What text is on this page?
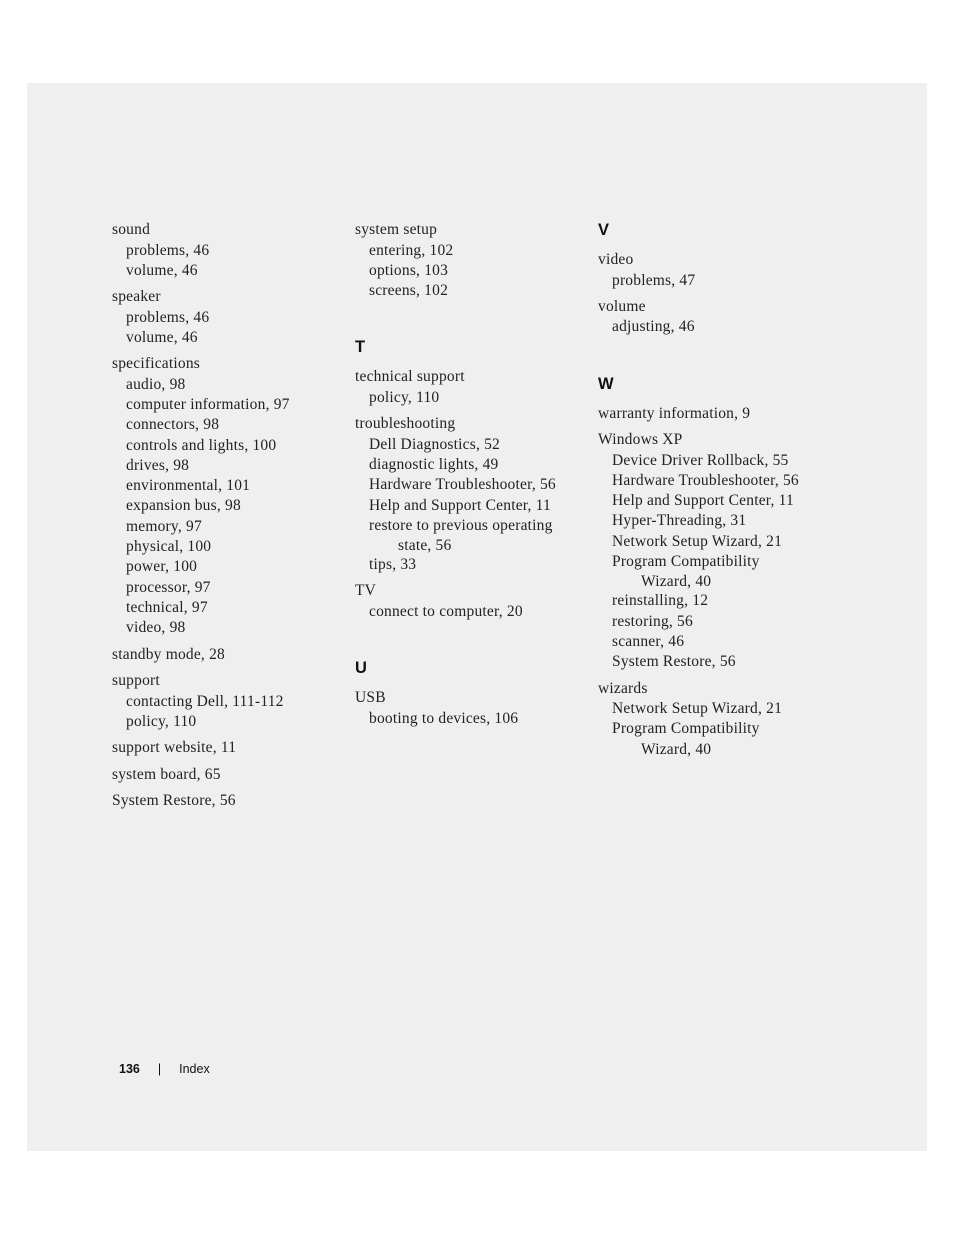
sound
problems, 46
volume, 46
speaker
problems, 46
volume, 46
specifications
audio, 98
computer information, 97
connectors, 98
controls and lights, 100
drives, 98
environmental, 101
expansion bus, 98
memory, 97
physical, 100
power, 100
processor, 97
technical, 97
video, 98
standby mode, 28
support
contacting Dell, 111-112
policy, 110
support website, 11
system board, 65
System Restore, 56
system setup
entering, 102
options, 103
screens, 102
T
technical support
policy, 110
troubleshooting
Dell Diagnostics, 52
diagnostic lights, 49
Hardware Troubleshooter, 56
Help and Support Center, 11
restore to previous operating
state, 56
tips, 33
TV
connect to computer, 20
U
USB
booting to devices, 106
V
video
problems, 47
volume
adjusting, 46
W
warranty information, 9
Windows XP
Device Driver Rollback, 55
Hardware Troubleshooter, 56
Help and Support Center, 11
Hyper-Threading, 31
Network Setup Wizard, 21
Program Compatibility
Wizard, 40
reinstalling, 12
restoring, 56
scanner, 46
System Restore, 56
wizards
Network Setup Wizard, 21
Program Compatibility
Wizard, 40
136 | Index
